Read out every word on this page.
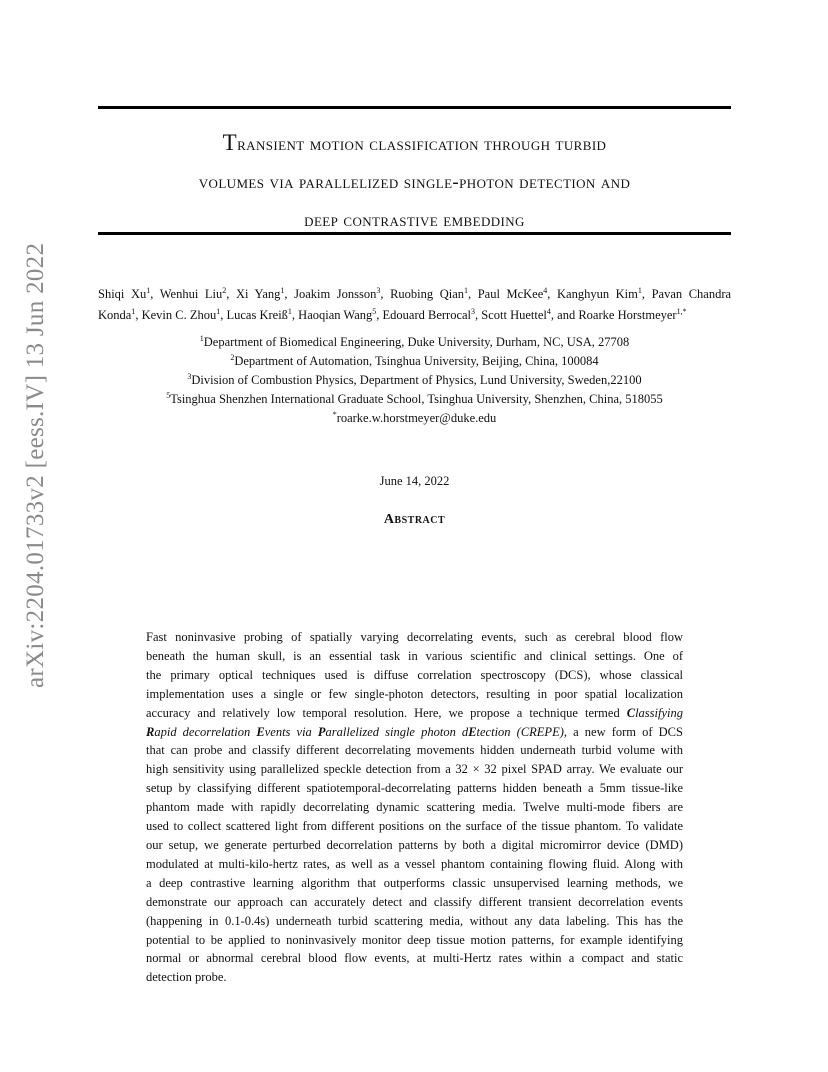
arXiv:2204.01733v2 [eess.IV] 13 Jun 2022
Transient motion classification through turbid
volumes via parallelized single-photon detection and
deep contrastive embedding
Shiqi Xu$^1$, Wenhui Liu$^2$, Xi Yang$^1$, Joakim Jonsson$^3$, Ruobing Qian$^1$, Paul McKee$^4$, Kanghyun Kim$^1$, Pavan Chandra
Konda$^1$, Kevin C. Zhou$^1$, Lucas Kreiß$^1$, Haoqian Wang$^5$, Edouard Berrocal$^3$, Scott Huettel$^4$, and Roarke Horstmeyer$^{1,*}$
$^1$Department of Biomedical Engineering, Duke University, Durham, NC, USA, 27708
$^2$Department of Automation, Tsinghua University, Beijing, China, 100084
$^3$Division of Combustion Physics, Department of Physics, Lund University, Sweden,22100
$^5$Tsinghua Shenzhen International Graduate School, Tsinghua University, Shenzhen, China, 518055
*roarke.w.horstmeyer@duke.edu
June 14, 2022
Abstract
Fast noninvasive probing of spatially varying decorrelating events, such as cerebral blood flow
beneath the human skull, is an essential task in various scientific and clinical settings. One of
the primary optical techniques used is diffuse correlation spectroscopy (DCS), whose classical
implementation uses a single or few single-photon detectors, resulting in poor spatial localization
accuracy and relatively low temporal resolution. Here, we propose a technique termed Classifying
Rapid decorrelation Events via Parallelized single photon dEtection (CREPE), a new form of DCS
that can probe and classify different decorrelating movements hidden underneath turbid volume with
high sensitivity using parallelized speckle detection from a 32 × 32 pixel SPAD array. We evaluate our
setup by classifying different spatiotemporal-decorrelating patterns hidden beneath a 5mm tissue-like
phantom made with rapidly decorrelating dynamic scattering media. Twelve multi-mode fibers are
used to collect scattered light from different positions on the surface of the tissue phantom. To validate
our setup, we generate perturbed decorrelation patterns by both a digital micromirror device (DMD)
modulated at multi-kilo-hertz rates, as well as a vessel phantom containing flowing fluid. Along with
a deep contrastive learning algorithm that outperforms classic unsupervised learning methods, we
demonstrate our approach can accurately detect and classify different transient decorrelation events
(happening in 0.1-0.4s) underneath turbid scattering media, without any data labeling. This has the
potential to be applied to noninvasively monitor deep tissue motion patterns, for example identifying
normal or abnormal cerebral blood flow events, at multi-Hertz rates within a compact and static
detection probe.
